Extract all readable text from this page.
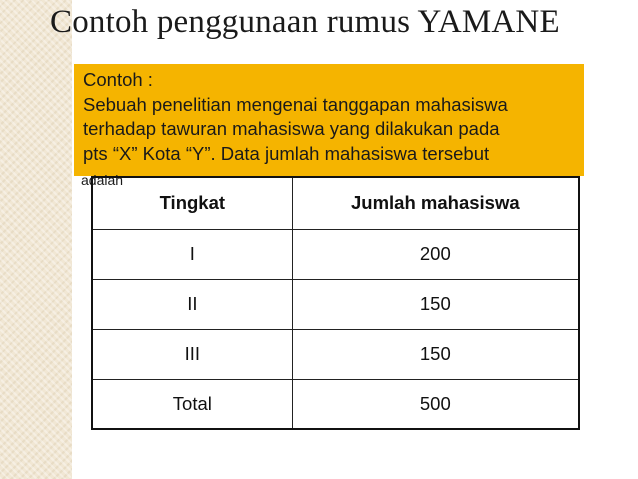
Contoh penggunaan rumus YAMANE
Contoh :
Sebuah penelitian mengenai tanggapan mahasiswa
terhadap tawuran mahasiswa yang dilakukan pada
pts “X” Kota “Y”. Data jumlah mahasiswa tersebut
adalah
Tingkat	Jumlah mahasiswa
I	200
II	150
III	150
Total	500
